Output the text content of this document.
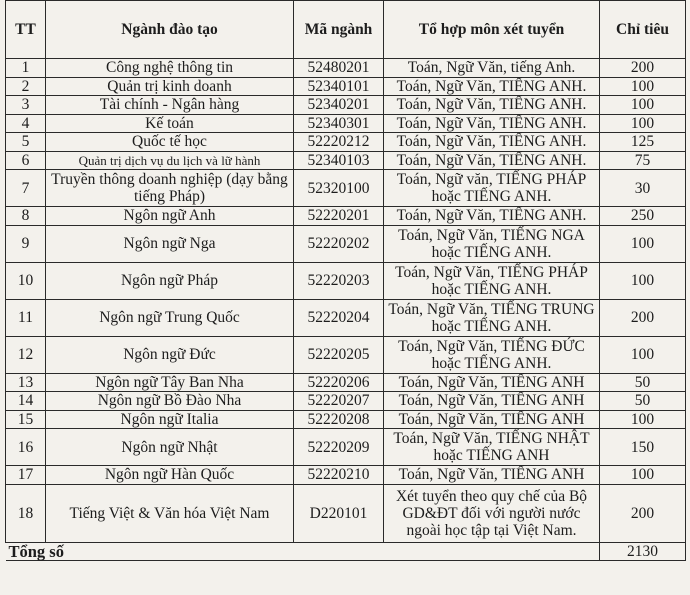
TT	Ngành đào tạo	Mã ngành	Tổ hợp môn xét tuyển	Chỉ tiêu
1	Công nghệ thông tin	52480201	Toán, Ngữ Văn, tiếng Anh.	200
2	Quản trị kinh doanh	52340101	Toán, Ngữ Văn, TIẾNG ANH.	100
3	Tài chính - Ngân hàng	52340201	Toán, Ngữ Văn, TIẾNG ANH.	100
4	Kế toán	52340301	Toán, Ngữ Văn, TIẾNG ANH.	100
5	Quốc tế học	52220212	Toán, Ngữ Văn, TIẾNG ANH.	125
6	Quản trị dịch vụ du lịch và lữ hành	52340103	Toán, Ngữ Văn, TIẾNG ANH.	75
7	Truyền thông doanh nghiệp (dạy bằng tiếng Pháp)	52320100	Toán, Ngữ văn, TIẾNG PHÁP hoặc TIẾNG ANH.	30
8	Ngôn ngữ Anh	52220201	Toán, Ngữ Văn, TIẾNG ANH.	250
9	Ngôn ngữ Nga	52220202	Toán, Ngữ Văn, TIẾNG NGA hoặc TIẾNG ANH.	100
10	Ngôn ngữ Pháp	52220203	Toán, Ngữ Văn, TIẾNG PHÁP hoặc TIẾNG ANH.	100
11	Ngôn ngữ Trung Quốc	52220204	Toán, Ngữ Văn, TIẾNG TRUNG hoặc TIẾNG ANH.	200
12	Ngôn ngữ Đức	52220205	Toán, Ngữ Văn, TIẾNG ĐỨC hoặc TIẾNG ANH.	100
13	Ngôn ngữ Tây Ban Nha	52220206	Toán, Ngữ Văn, TIẾNG ANH	50
14	Ngôn ngữ Bồ Đào Nha	52220207	Toán, Ngữ Văn, TIẾNG ANH	50
15	Ngôn ngữ Italia	52220208	Toán, Ngữ Văn, TIẾNG ANH	100
16	Ngôn ngữ Nhật	52220209	Toán, Ngữ Văn, TIẾNG NHẬT hoặc TIẾNG ANH	150
17	Ngôn ngữ Hàn Quốc	52220210	Toán, Ngữ Văn, TIẾNG ANH	100
18	Tiếng Việt & Văn hóa Việt Nam	D220101	Xét tuyển theo quy chế của Bộ GD&ĐT đối với người nước ngoài học tập tại Việt Nam.	200
Tổng số				2130
